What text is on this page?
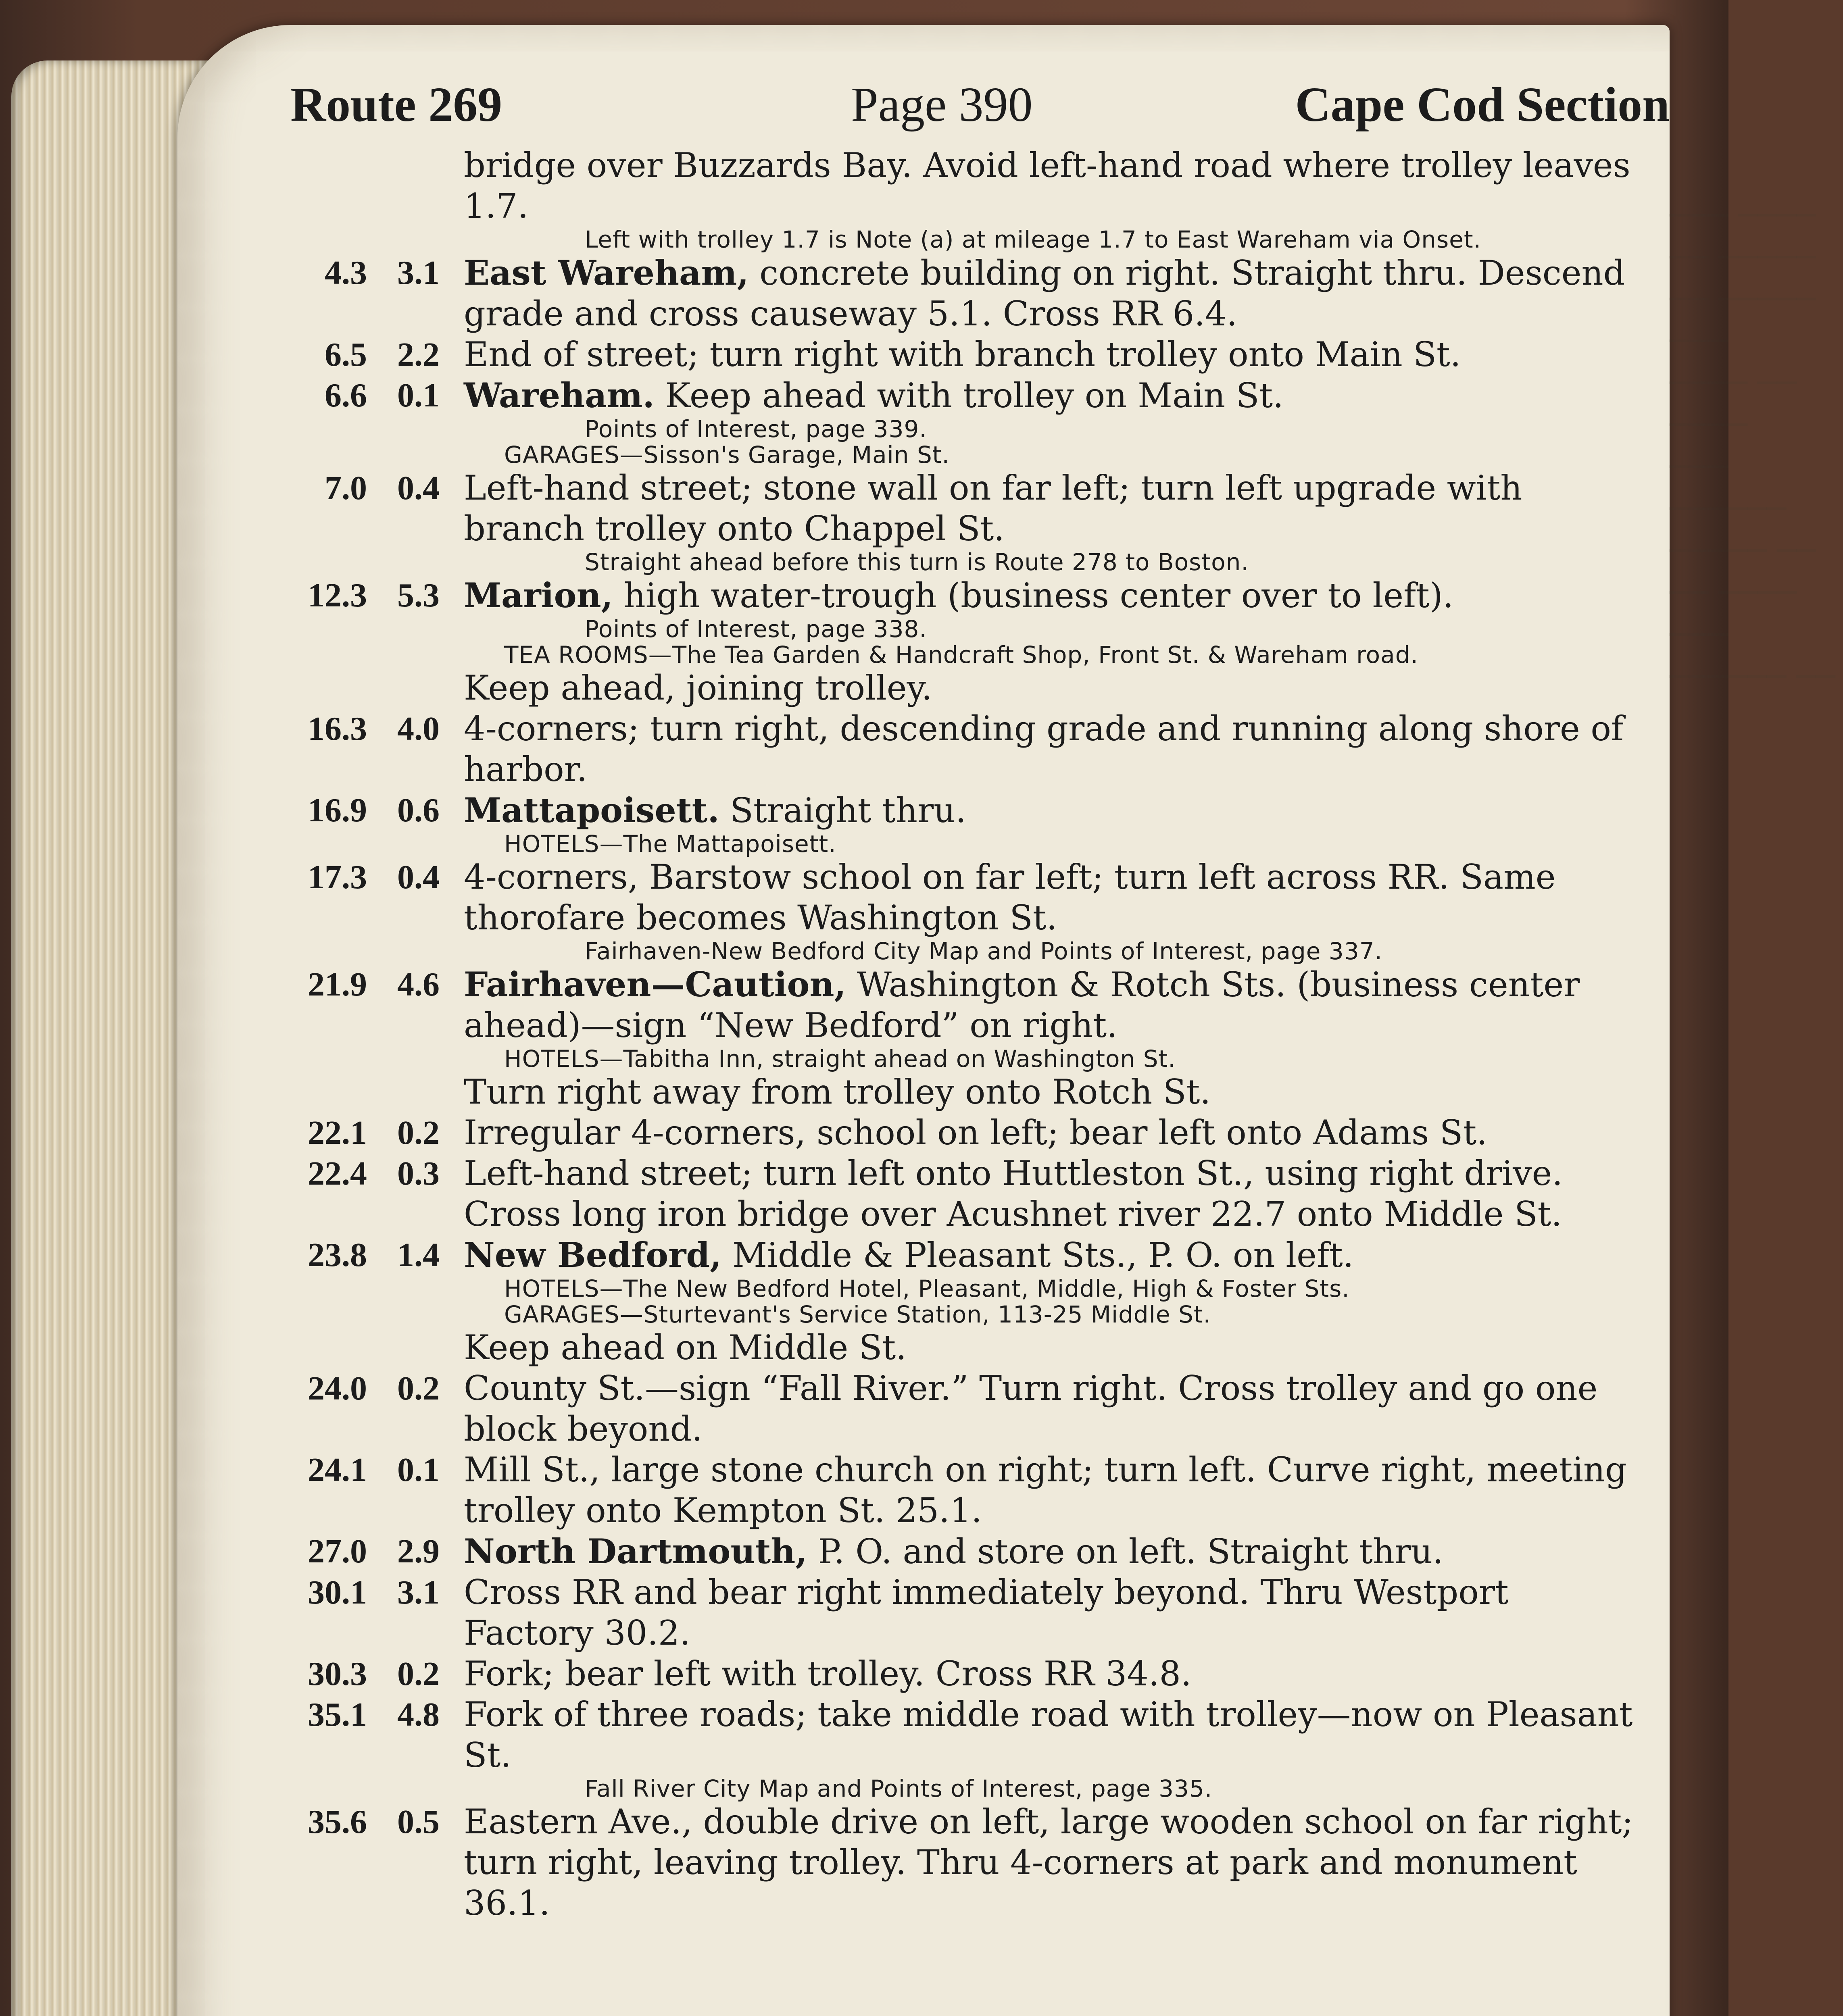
─── ──── ── ─────
── ───── ───
──── ── ────
─── ──────
───── ──
── ──── ───
────── ──
Route 269	Page 390	Cape Cod Section
bridge over Buzzards Bay. Avoid left-hand road where trolley leaves 1.7.
Left with trolley 1.7 is Note (a) at mileage 1.7 to East Wareham via Onset.
4.3 3.1 East Wareham, concrete building on right. Straight thru. Descend grade and cross causeway 5.1. Cross RR 6.4.
6.5 2.2 End of street; turn right with branch trolley onto Main St.
6.6 0.1 Wareham. Keep ahead with trolley on Main St.
Points of Interest, page 339.
GARAGES—Sisson's Garage, Main St.
7.0 0.4 Left-hand street; stone wall on far left; turn left upgrade with branch trolley onto Chappel St.
Straight ahead before this turn is Route 278 to Boston.
12.3 5.3 Marion, high water-trough (business center over to left).
Points of Interest, page 338.
TEA ROOMS—The Tea Garden & Handcraft Shop, Front St. & Wareham road.
Keep ahead, joining trolley.
16.3 4.0 4-corners; turn right, descending grade and running along shore of harbor.
16.9 0.6 Mattapoisett. Straight thru.
HOTELS—The Mattapoisett.
17.3 0.4 4-corners, Barstow school on far left; turn left across RR. Same thorofare becomes Washington St.
Fairhaven-New Bedford City Map and Points of Interest, page 337.
21.9 4.6 Fairhaven—Caution, Washington & Rotch Sts. (business center ahead)—sign “New Bedford” on right.
HOTELS—Tabitha Inn, straight ahead on Washington St.
Turn right away from trolley onto Rotch St.
22.1 0.2 Irregular 4-corners, school on left; bear left onto Adams St.
22.4 0.3 Left-hand street; turn left onto Huttleston St., using right drive. Cross long iron bridge over Acushnet river 22.7 onto Middle St.
23.8 1.4 New Bedford, Middle & Pleasant Sts., P. O. on left.
HOTELS—The New Bedford Hotel, Pleasant, Middle, High & Foster Sts.
GARAGES—Sturtevant's Service Station, 113-25 Middle St.
Keep ahead on Middle St.
24.0 0.2 County St.—sign “Fall River.” Turn right. Cross trolley and go one block beyond.
24.1 0.1 Mill St., large stone church on right; turn left. Curve right, meeting trolley onto Kempton St. 25.1.
27.0 2.9 North Dartmouth, P. O. and store on left. Straight thru.
30.1 3.1 Cross RR and bear right immediately beyond. Thru Westport Factory 30.2.
30.3 0.2 Fork; bear left with trolley. Cross RR 34.8.
35.1 4.8 Fork of three roads; take middle road with trolley—now on Pleasant St.
Fall River City Map and Points of Interest, page 335.
35.6 0.5 Eastern Ave., double drive on left, large wooden school on far right; turn right, leaving trolley. Thru 4-corners at park and monument 36.1.
